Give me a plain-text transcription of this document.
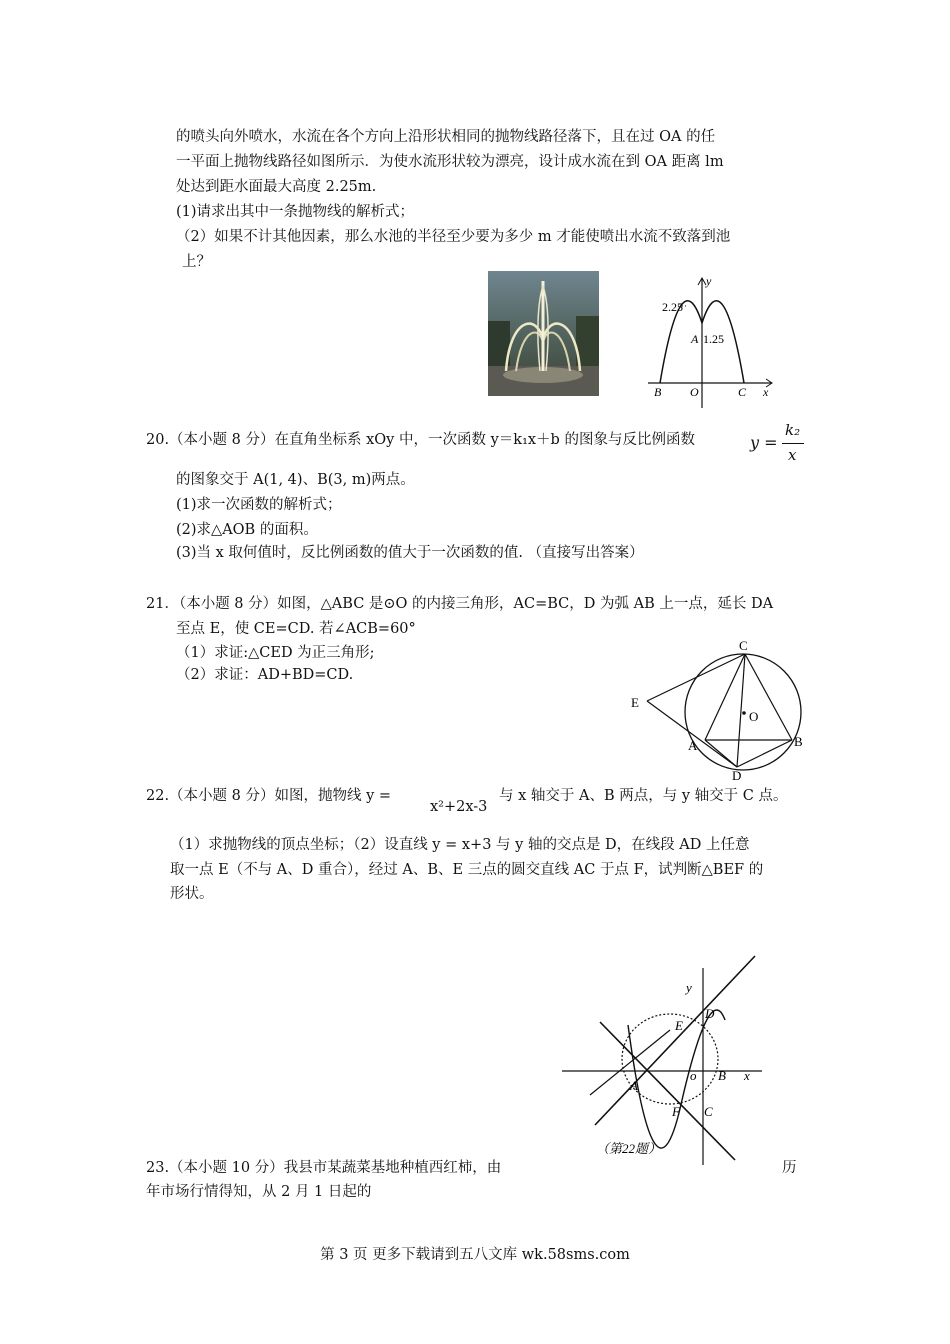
的喷头向外喷水，水流在各个方向上沿形状相同的抛物线路径落下，且在过 OA 的任
一平面上抛物线路径如图所示．为使水流形状较为漂亮，设计成水流在到 OA 距离 lm
处达到距水面最大高度 2.25m.
(1)请求出其中一条抛物线的解析式；
（2）如果不计其他因素，那么水池的半径至少要为多少 m 才能使喷出水流不致落到池
上？
y
x
2.25
1.25
A
B O	C
20.（本小题 8 分）在直角坐标系 xOy 中，一次函数 y＝k₁x＋b 的图象与反比例函数	y =
k₂
x
的图象交于 A(1, 4)、B(3, m)两点。
(1)求一次函数的解析式；
(2)求△AOB 的面积。
(3)当 x 取何值时，反比例函数的值大于一次函数的值. （直接写出答案）
21．（本小题 8 分）如图，△ABC 是⊙O 的内接三角形，AC=BC，D 为弧 AB 上一点，延长 DA
至点 E，使 CE=CD. 若∠ACB=60°
（1）求证:△CED 为正三角形;
（2）求证：AD+BD=CD.
C
E
O
A	B
D
22.（本小题 8 分）如图，抛物线 y =
x²+2x-3
与 x 轴交于 A、B 两点，与 y 轴交于 C 点。
（1）求抛物线的顶点坐标；（2）设直线 y = x+3 与 y 轴的交点是 D，在线段 AD 上任意
取一点 E（不与 A、D 重合），经过 A、B、E 三点的圆交直线 AC 于点 F，试判断△BEF 的
形状。
y
x
D
E
o B
A
F C
（第22题）
23.（本小题 10 分）我县市某蔬菜基地种植西红柿，由	历
年市场行情得知，从 2 月 1 日起的
第 3 页 更多下载请到五八文库 wk.58sms.com
